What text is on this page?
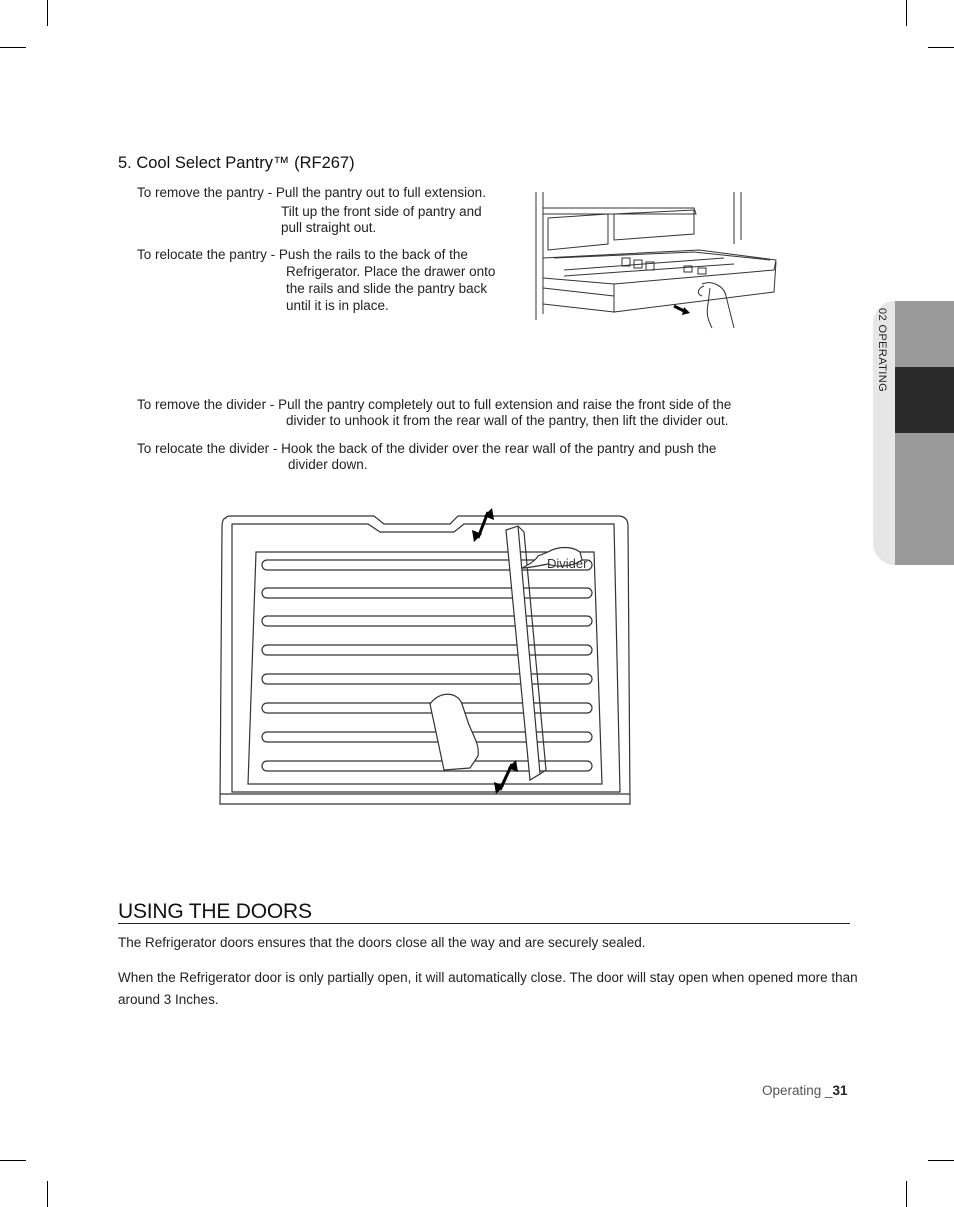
02 OPERATING
5. Cool Select Pantry™ (RF267)
To remove the pantry - Pull the pantry out to full extension.
Tilt up the front side of pantry and
pull straight out.
To relocate the pantry - Push the rails to the back of the
Refrigerator. Place the drawer onto
the rails and slide the pantry back
until it is in place.
To remove the divider - Pull the pantry completely out to full extension and raise the front side of the
divider to unhook it from the rear wall of the pantry, then lift the divider out.
To relocate the divider - Hook the back of the divider over the rear wall of the pantry and push the
divider down.
Divider
USING THE DOORS
The Refrigerator doors ensures that the doors close all the way and are securely sealed.
When the Refrigerator door is only partially open, it will automatically close. The door will stay open when opened more than
around 3 Inches.
Operating _31
